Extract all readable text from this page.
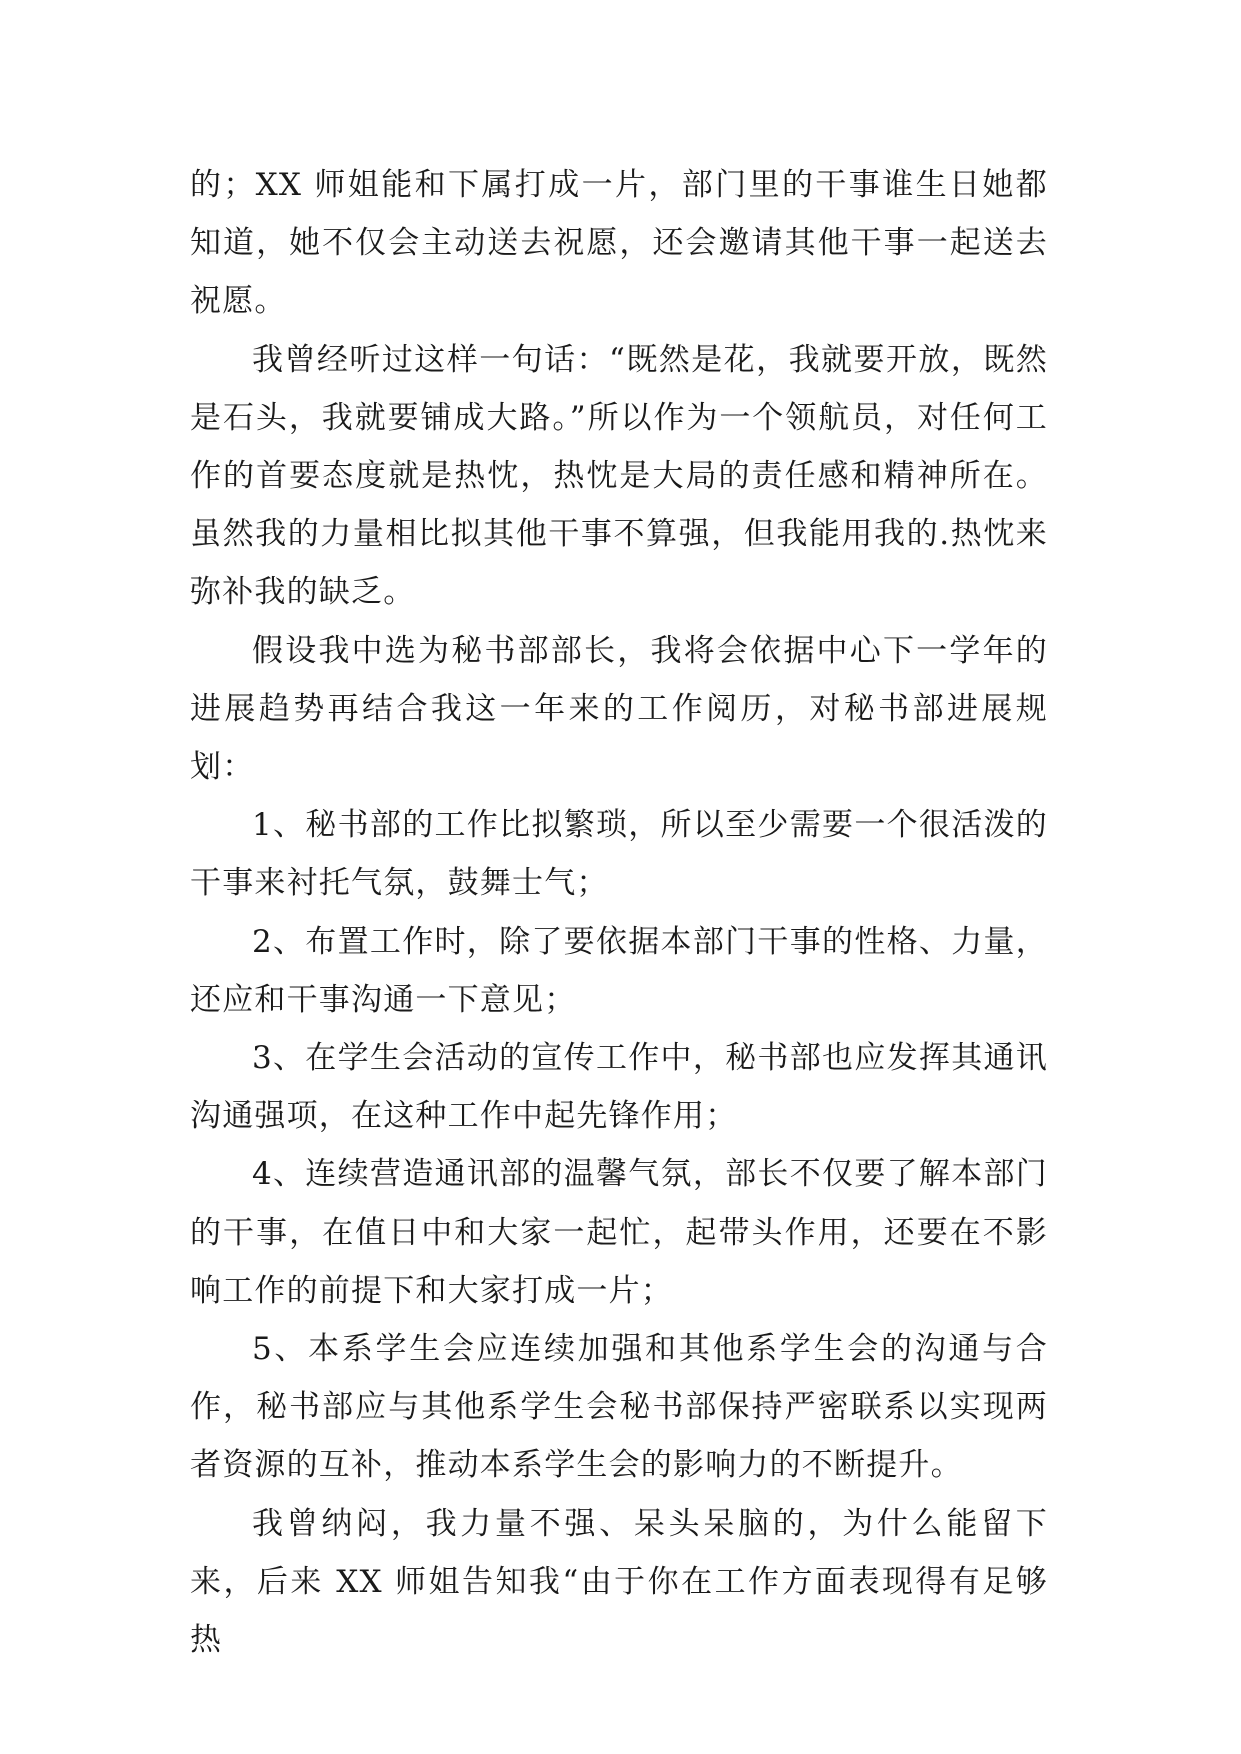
的；XX 师姐能和下属打成一片，部门里的干事谁生日她都知道，她不仅会主动送去祝愿，还会邀请其他干事一起送去祝愿。

我曾经听过这样一句话：“既然是花，我就要开放，既然是石头，我就要铺成大路。”所以作为一个领航员，对任何工作的首要态度就是热忱，热忱是大局的责任感和精神所在。虽然我的力量相比拟其他干事不算强，但我能用我的.热忱来弥补我的缺乏。

假设我中选为秘书部部长，我将会依据中心下一学年的进展趋势再结合我这一年来的工作阅历，对秘书部进展规划：

1、秘书部的工作比拟繁琐，所以至少需要一个很活泼的干事来衬托气氛，鼓舞士气；

2、布置工作时，除了要依据本部门干事的性格、力量，还应和干事沟通一下意见；

3、在学生会活动的宣传工作中，秘书部也应发挥其通讯沟通强项，在这种工作中起先锋作用；

4、连续营造通讯部的温馨气氛，部长不仅要了解本部门的干事，在值日中和大家一起忙，起带头作用，还要在不影响工作的前提下和大家打成一片；

5、本系学生会应连续加强和其他系学生会的沟通与合作，秘书部应与其他系学生会秘书部保持严密联系以实现两者资源的互补，推动本系学生会的影响力的不断提升。

我曾纳闷，我力量不强、呆头呆脑的，为什么能留下来，后来 XX 师姐告知我“由于你在工作方面表现得有足够热
